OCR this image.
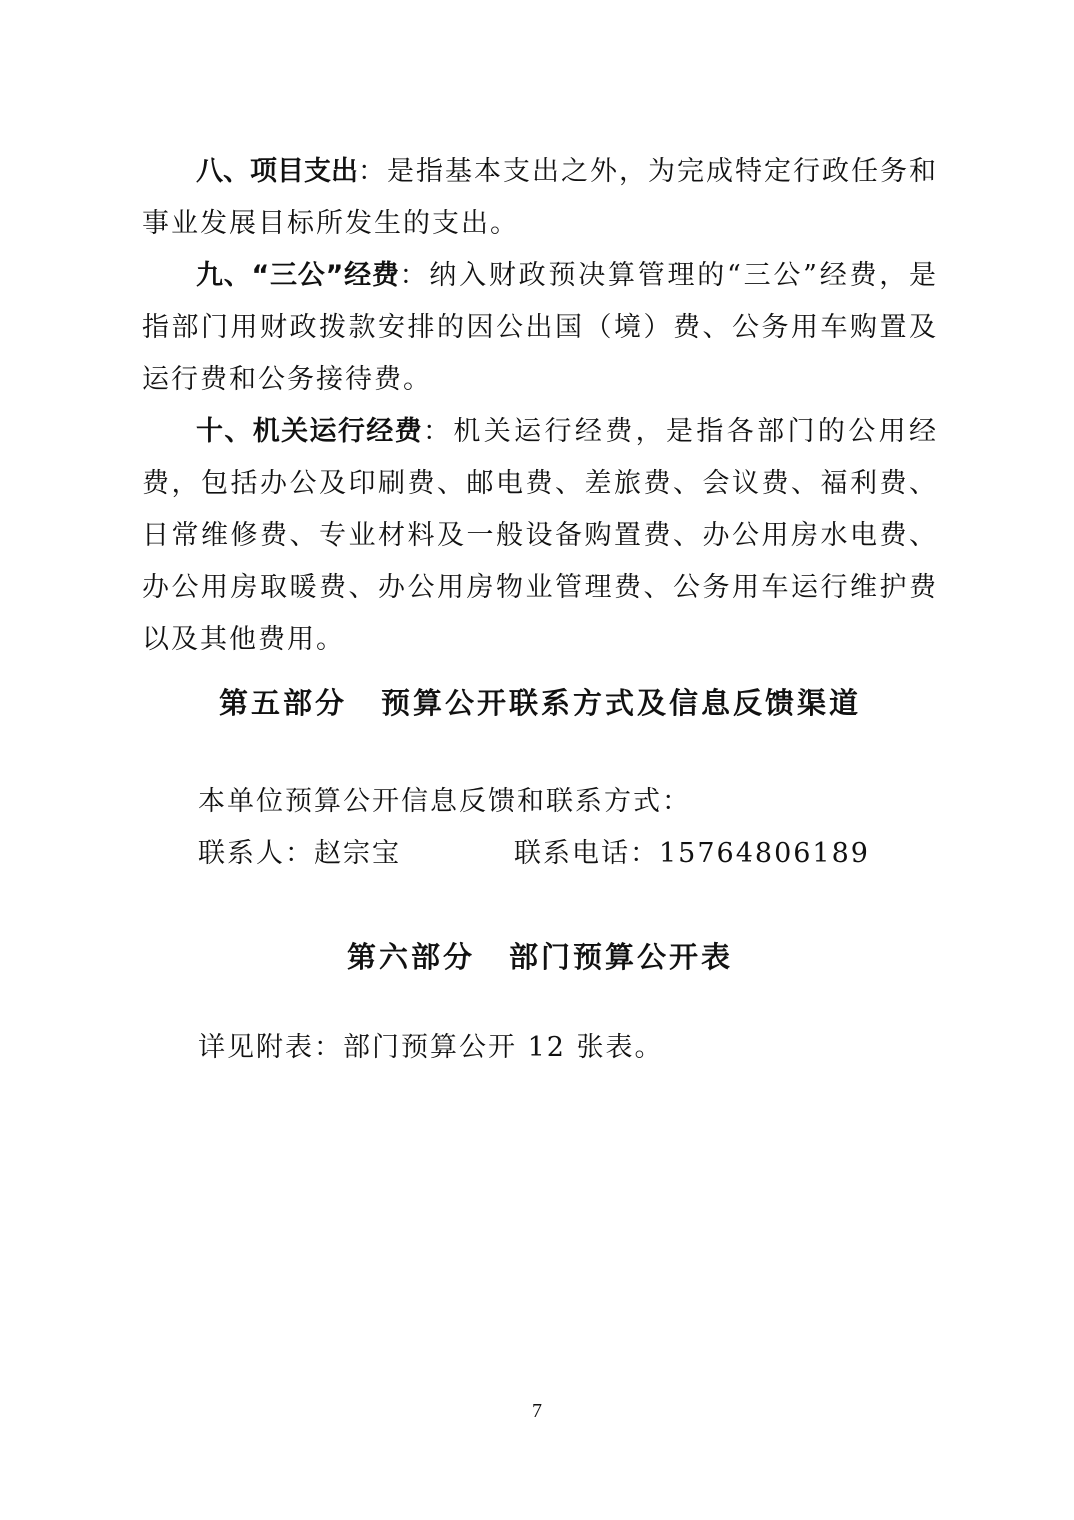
八、项目支出：是指基本支出之外，为完成特定行政任务和事业发展目标所发生的支出。

九、“三公”经费：纳入财政预决算管理的“三公”经费，是指部门用财政拨款安排的因公出国（境）费、公务用车购置及运行费和公务接待费。

十、机关运行经费：机关运行经费，是指各部门的公用经费，包括办公及印刷费、邮电费、差旅费、会议费、福利费、日常维修费、专业材料及一般设备购置费、办公用房水电费、办公用房取暖费、办公用房物业管理费、公务用车运行维护费以及其他费用。

第五部分 预算公开联系方式及信息反馈渠道

本单位预算公开信息反馈和联系方式：

联系人：赵宗宝	联系电话：15764806189
第六部分 部门预算公开表

详见附表：部门预算公开 12 张表。

7
